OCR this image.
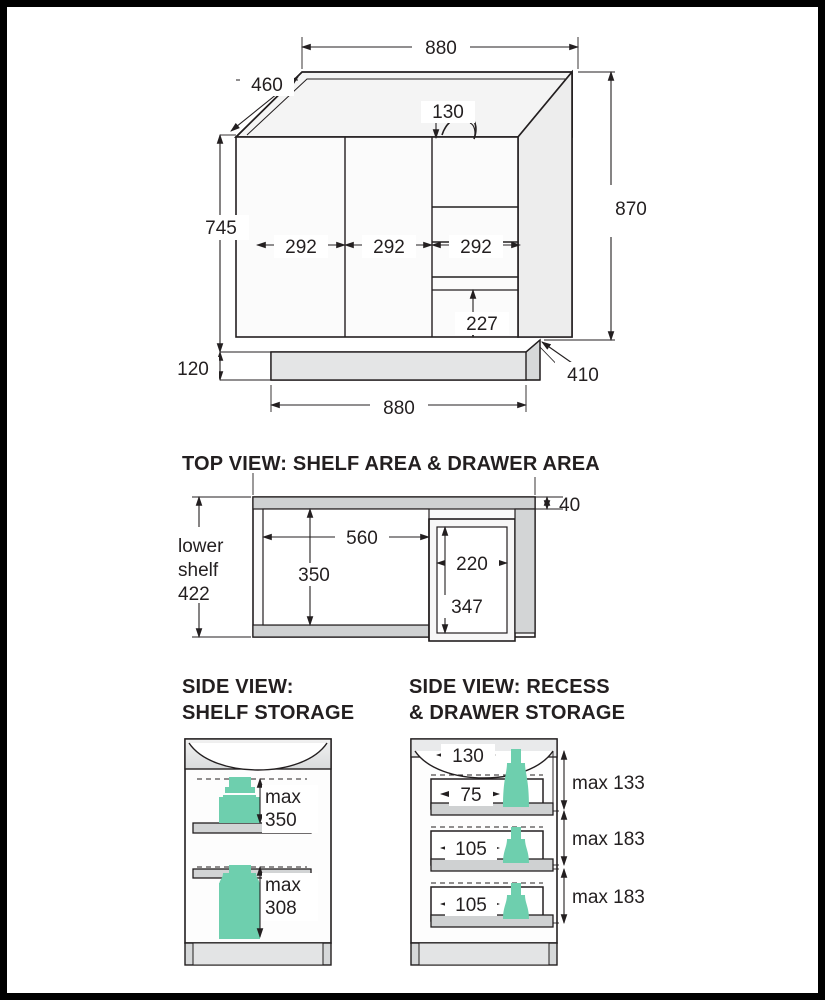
880
460
130
745
120
870
410
880
292	292	292
227
TOP VIEW: SHELF AREA & DRAWER AREA
lower
shelf
422
40
560
350
220
347
SIDE VIEW:
SHELF STORAGE
SIDE VIEW: RECESS
& DRAWER STORAGE
max
350
max
308
130
75
105
105
max 133
max 183
max 183
